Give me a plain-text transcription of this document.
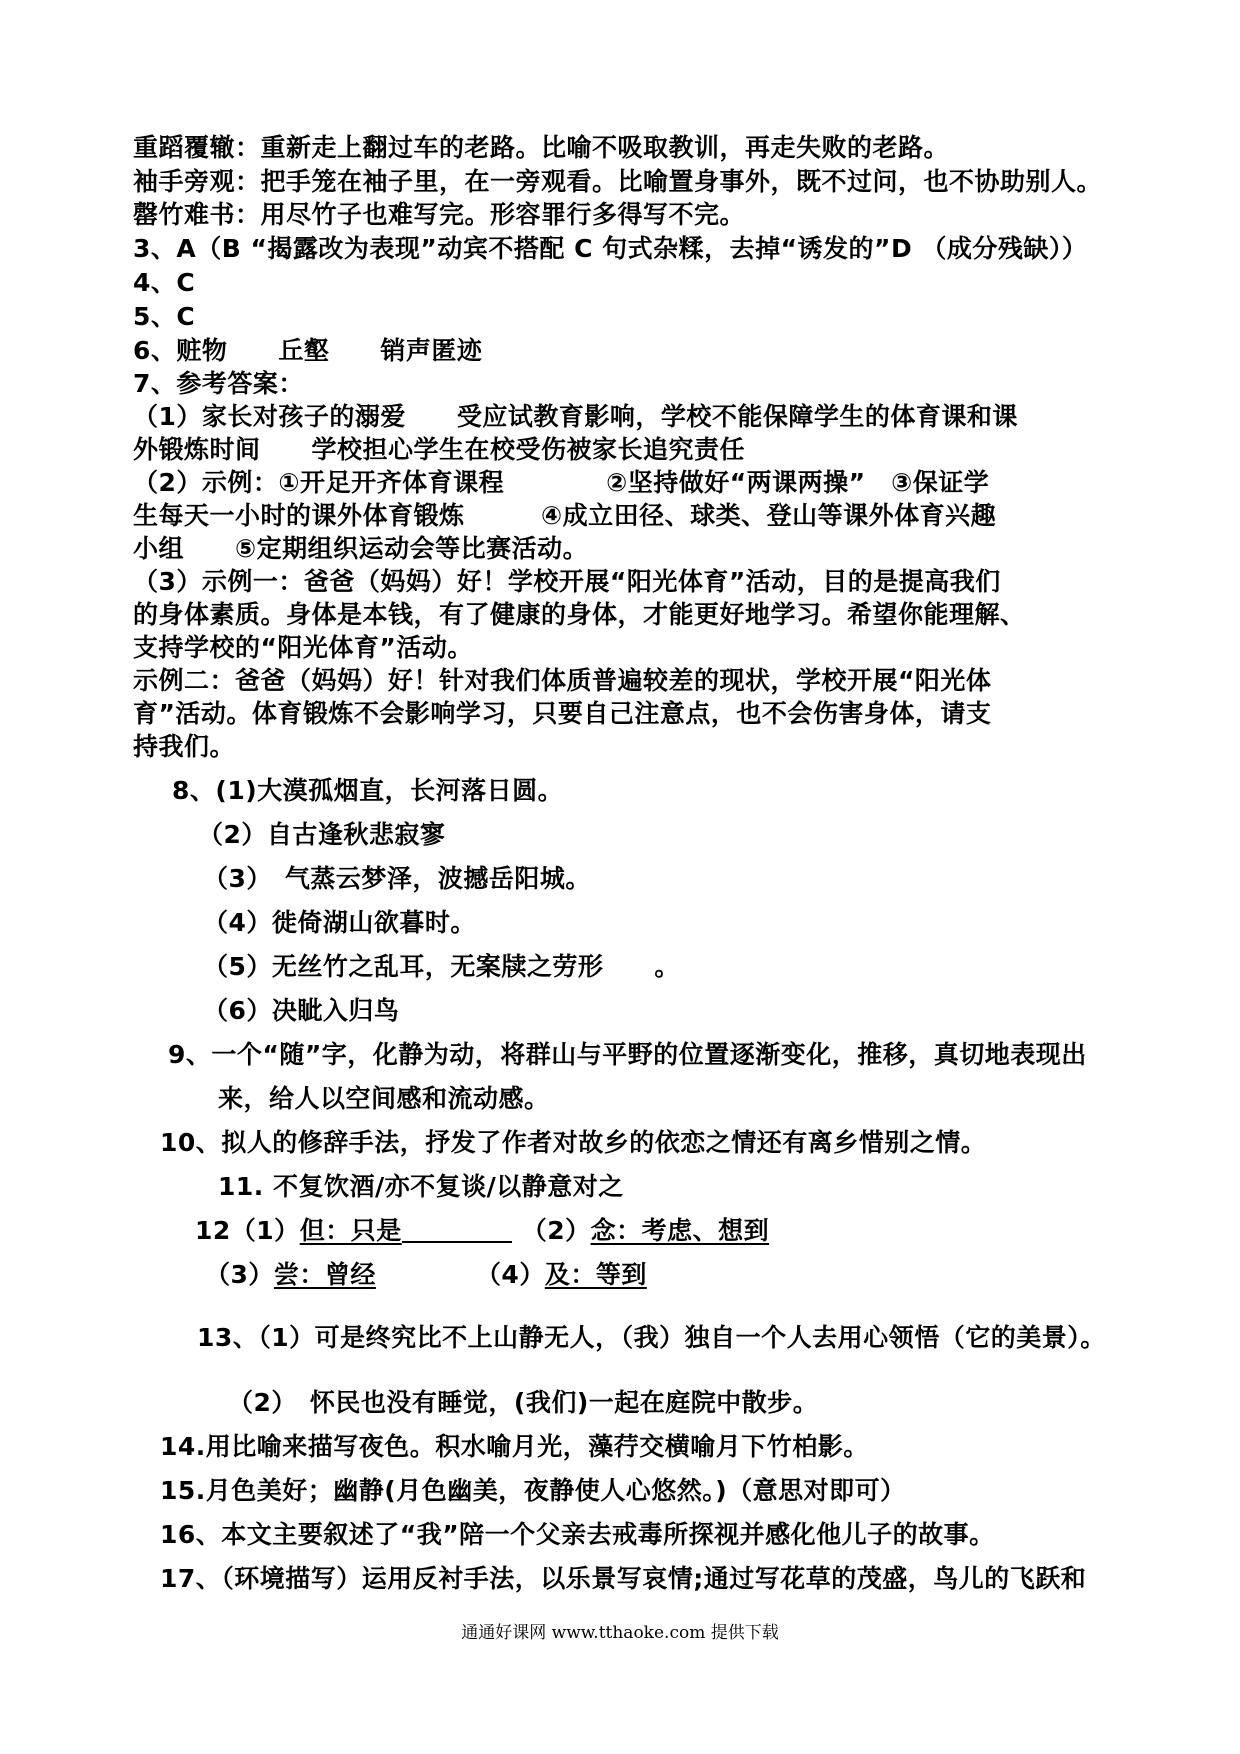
重蹈覆辙：重新走上翻过车的老路。比喻不吸取教训，再走失败的老路。
袖手旁观：把手笼在袖子里，在一旁观看。比喻置身事外，既不过问，也不协助别人。
罄竹难书：用尽竹子也难写完。形容罪行多得写不完。
3、A（B “揭露改为表现”动宾不搭配 C 句式杂糅，去掉“诱发的”D （成分残缺））
4、C
5、C
6、赃物　　丘壑　　销声匿迹
7、参考答案：
（1）家长对孩子的溺爱　　受应试教育影响，学校不能保障学生的体育课和课
外锻炼时间　　学校担心学生在校受伤被家长追究责任
（2）示例：①开足开齐体育课程　　　　②坚持做好“两课两操”　③保证学
生每天一小时的课外体育锻炼　　　④成立田径、球类、登山等课外体育兴趣
小组　　⑤定期组织运动会等比赛活动。
（3）示例一：爸爸（妈妈）好！学校开展“阳光体育”活动，目的是提高我们
的身体素质。身体是本钱，有了健康的身体，才能更好地学习。希望你能理解、
支持学校的“阳光体育”活动。
示例二：爸爸（妈妈）好！针对我们体质普遍较差的现状，学校开展“阳光体
育”活动。体育锻炼不会影响学习，只要自己注意点，也不会伤害身体，请支
持我们。
8、(1)大漠孤烟直，长河落日圆。
（2）自古逢秋悲寂寥
（3）　气蒸云梦泽，波撼岳阳城。
（4）徙倚湖山欲暮时。
（5）无丝竹之乱耳，无案牍之劳形　　。
（6）决眦入归鸟
9、一个“随”字，化静为动，将群山与平野的位置逐渐变化，推移，真切地表现出
来，给人以空间感和流动感。
10、拟人的修辞手法，抒发了作者对故乡的依恋之情还有离乡惜别之情。
11. 不复饮酒/亦不复谈/以静意对之
12（1）但：只是	（2）念：考虑、想到
（3）尝：曾经	（4）及：等到
13、（1）可是终究比不上山静无人，（我）独自一个人去用心领悟（它的美景）。
（2）　怀民也没有睡觉，(我们)一起在庭院中散步。
14.用比喻来描写夜色。积水喻月光，藻荇交横喻月下竹柏影。
15.月色美好；幽静(月色幽美，夜静使人心悠然。)（意思对即可）
16、本文主要叙述了“我”陪一个父亲去戒毒所探视并感化他儿子的故事。
17、（环境描写）运用反衬手法，以乐景写哀情;通过写花草的茂盛，鸟儿的飞跃和
通通好课网 www.tthaoke.com 提供下载
